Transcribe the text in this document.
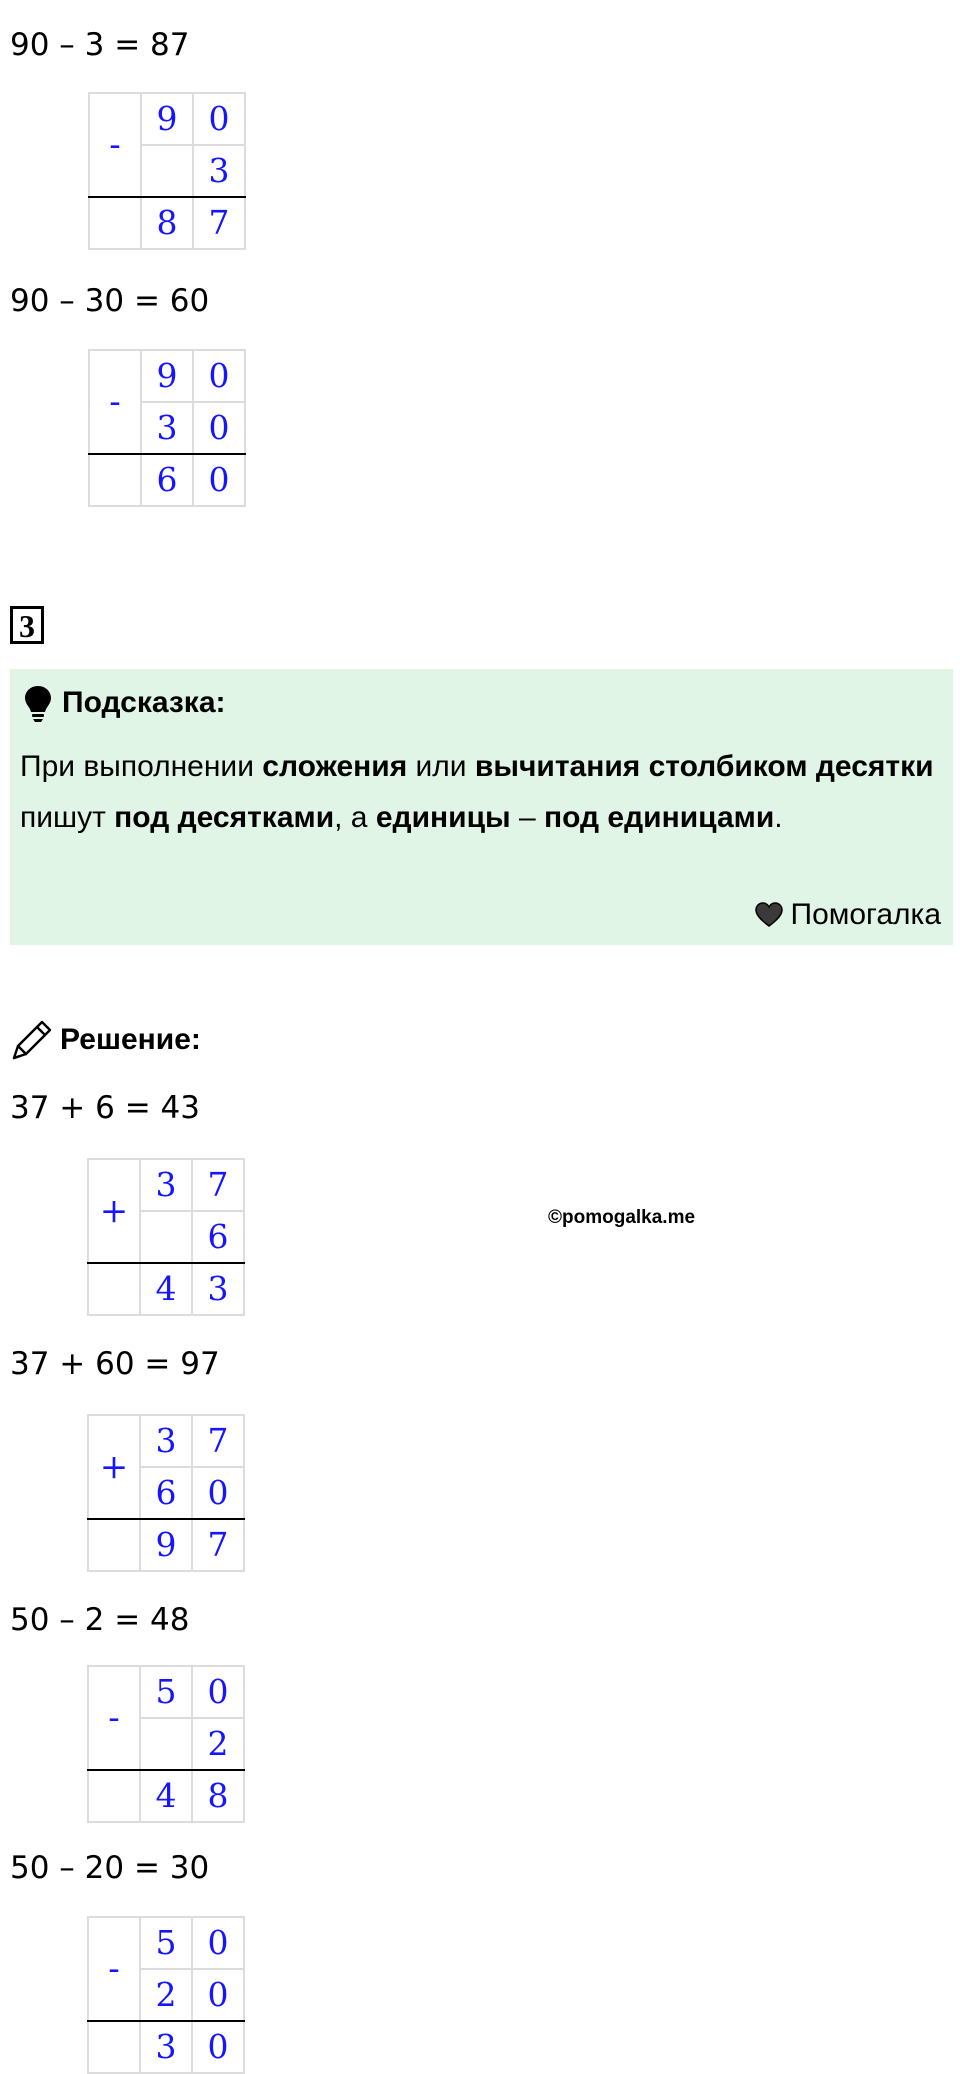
90 – 3 = 87
-
9 0
3
8 7
90 – 30 = 60
-
9 0
3 0
6 0
3
Подсказка:
При выполнении сложения или вычитания столбиком десятки пишут под десятками, а единицы – под единицами.
Помогалка
Решение:
37 + 6 = 43
+
3 7
6
4 3
©pomogalka.me
37 + 60 = 97
+
3 7
6 0
9 7
50 – 2 = 48
-
5 0
2
4 8
50 – 20 = 30
-
5 0
2 0
3 0
